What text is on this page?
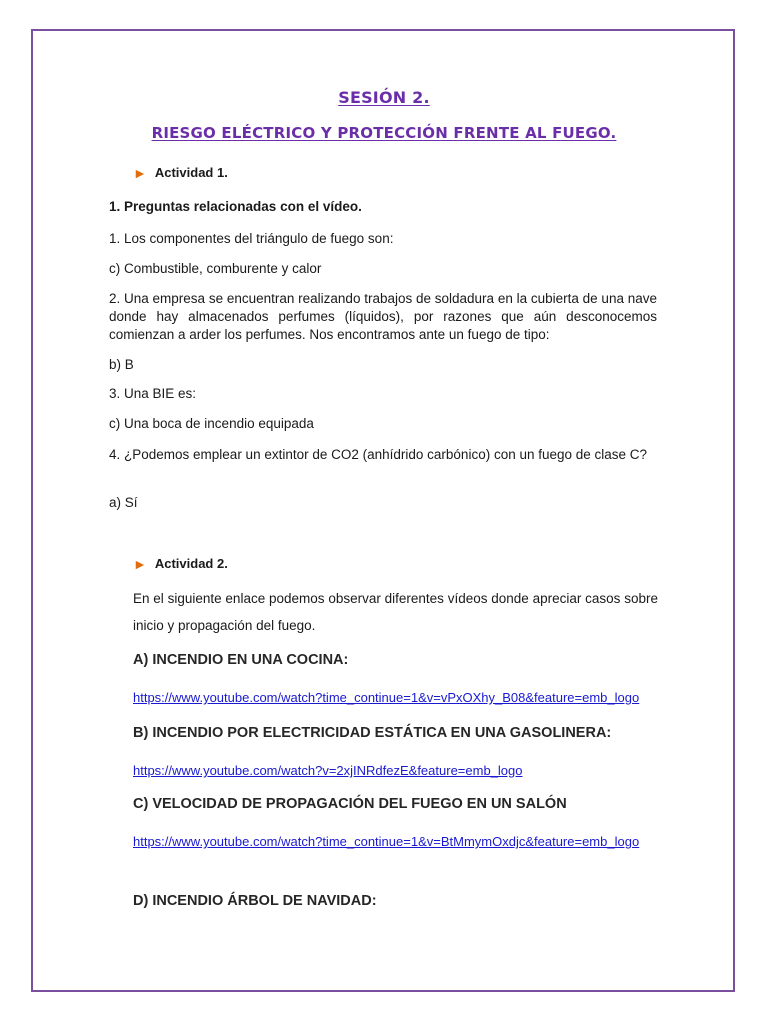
SESIÓN 2.
RIESGO ELÉCTRICO Y PROTECCIÓN FRENTE AL FUEGO.
► Actividad 1.

1. Preguntas relacionadas con el vídeo.

1. Los componentes del triángulo de fuego son:

c) Combustible, comburente y calor

2. Una empresa se encuentran realizando trabajos de soldadura en la cubierta de una nave donde hay almacenados perfumes (líquidos), por razones que aún desconocemos comienzan a arder los perfumes. Nos encontramos ante un fuego de tipo:

b) B

3. Una BIE es:

c) Una boca de incendio equipada

4. ¿Podemos emplear un extintor de CO2 (anhídrido carbónico) con un fuego de clase C?

a) Sí

► Actividad 2.

En el siguiente enlace podemos observar diferentes vídeos donde apreciar casos sobre inicio y propagación del fuego.

A) INCENDIO EN UNA COCINA:
https://www.youtube.com/watch?time_continue=1&v=vPxOXhy_B08&feature=emb_logo
B) INCENDIO POR ELECTRICIDAD ESTÁTICA EN UNA GASOLINERA:
https://www.youtube.com/watch?v=2xjINRdfezE&feature=emb_logo
C) VELOCIDAD DE PROPAGACIÓN DEL FUEGO EN UN SALÓN
https://www.youtube.com/watch?time_continue=1&v=BtMmymOxdjc&feature=emb_logo
D) INCENDIO ÁRBOL DE NAVIDAD:
